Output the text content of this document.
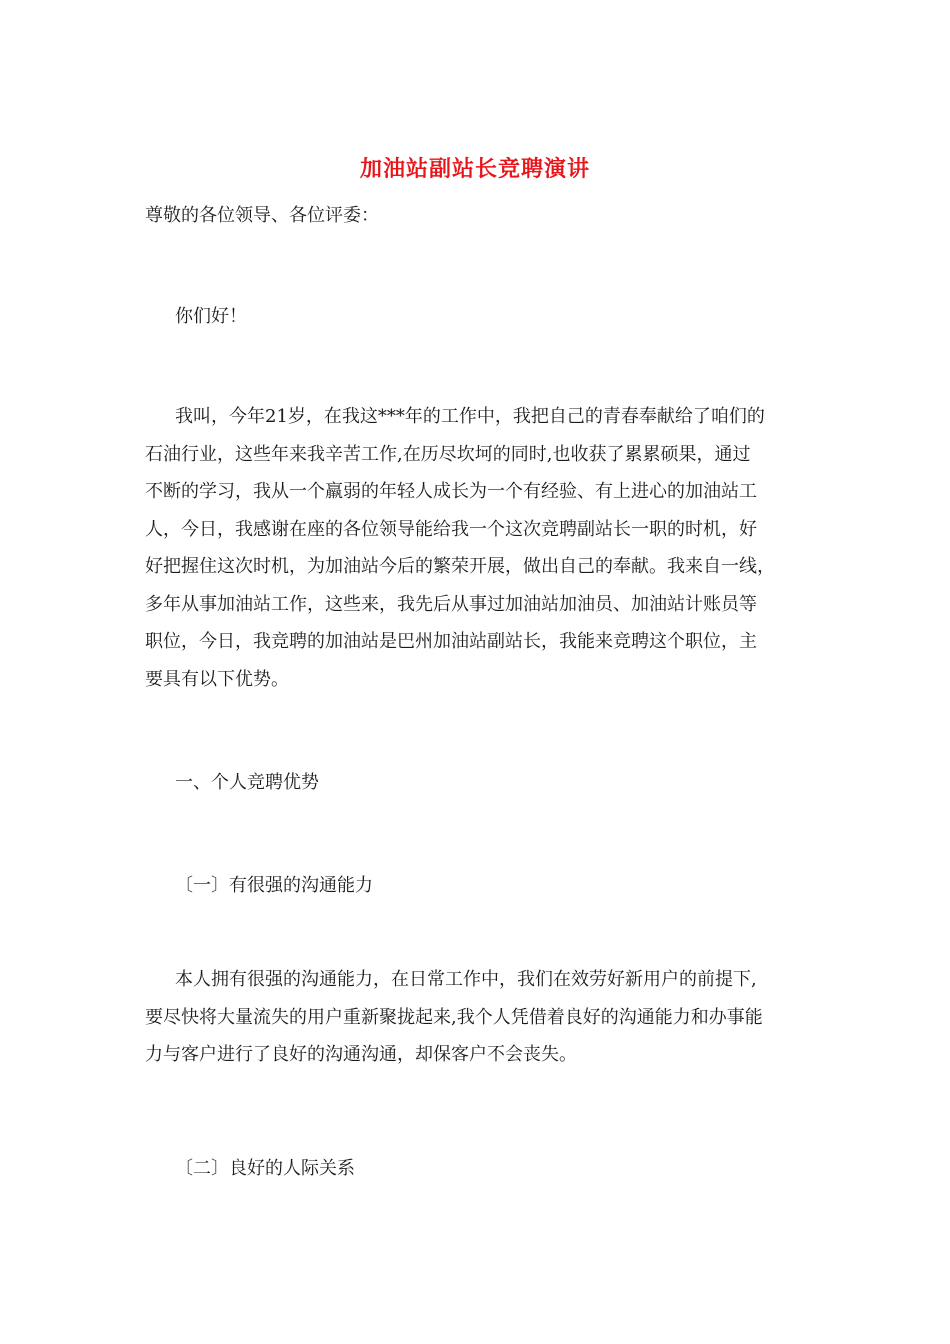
加油站副站长竞聘演讲
尊敬的各位领导、各位评委：
你们好！
我叫，今年21岁，在我这***年的工作中，我把自己的青春奉献给了咱们的
石油行业，这些年来我辛苦工作,在历尽坎坷的同时,也收获了累累硕果，通过
不断的学习，我从一个羸弱的年轻人成长为一个有经验、有上进心的加油站工
人，今日，我感谢在座的各位领导能给我一个这次竞聘副站长一职的时机，好
好把握住这次时机，为加油站今后的繁荣开展，做出自己的奉献。我来自一线，
多年从事加油站工作，这些来，我先后从事过加油站加油员、加油站计账员等
职位，今日，我竞聘的加油站是巴州加油站副站长，我能来竞聘这个职位，主
要具有以下优势。
一、个人竞聘优势
〔一〕有很强的沟通能力
本人拥有很强的沟通能力，在日常工作中，我们在效劳好新用户的前提下,
要尽快将大量流失的用户重新聚拢起来,我个人凭借着良好的沟通能力和办事能
力与客户进行了良好的沟通沟通，却保客户不会丧失。
〔二〕良好的人际关系
